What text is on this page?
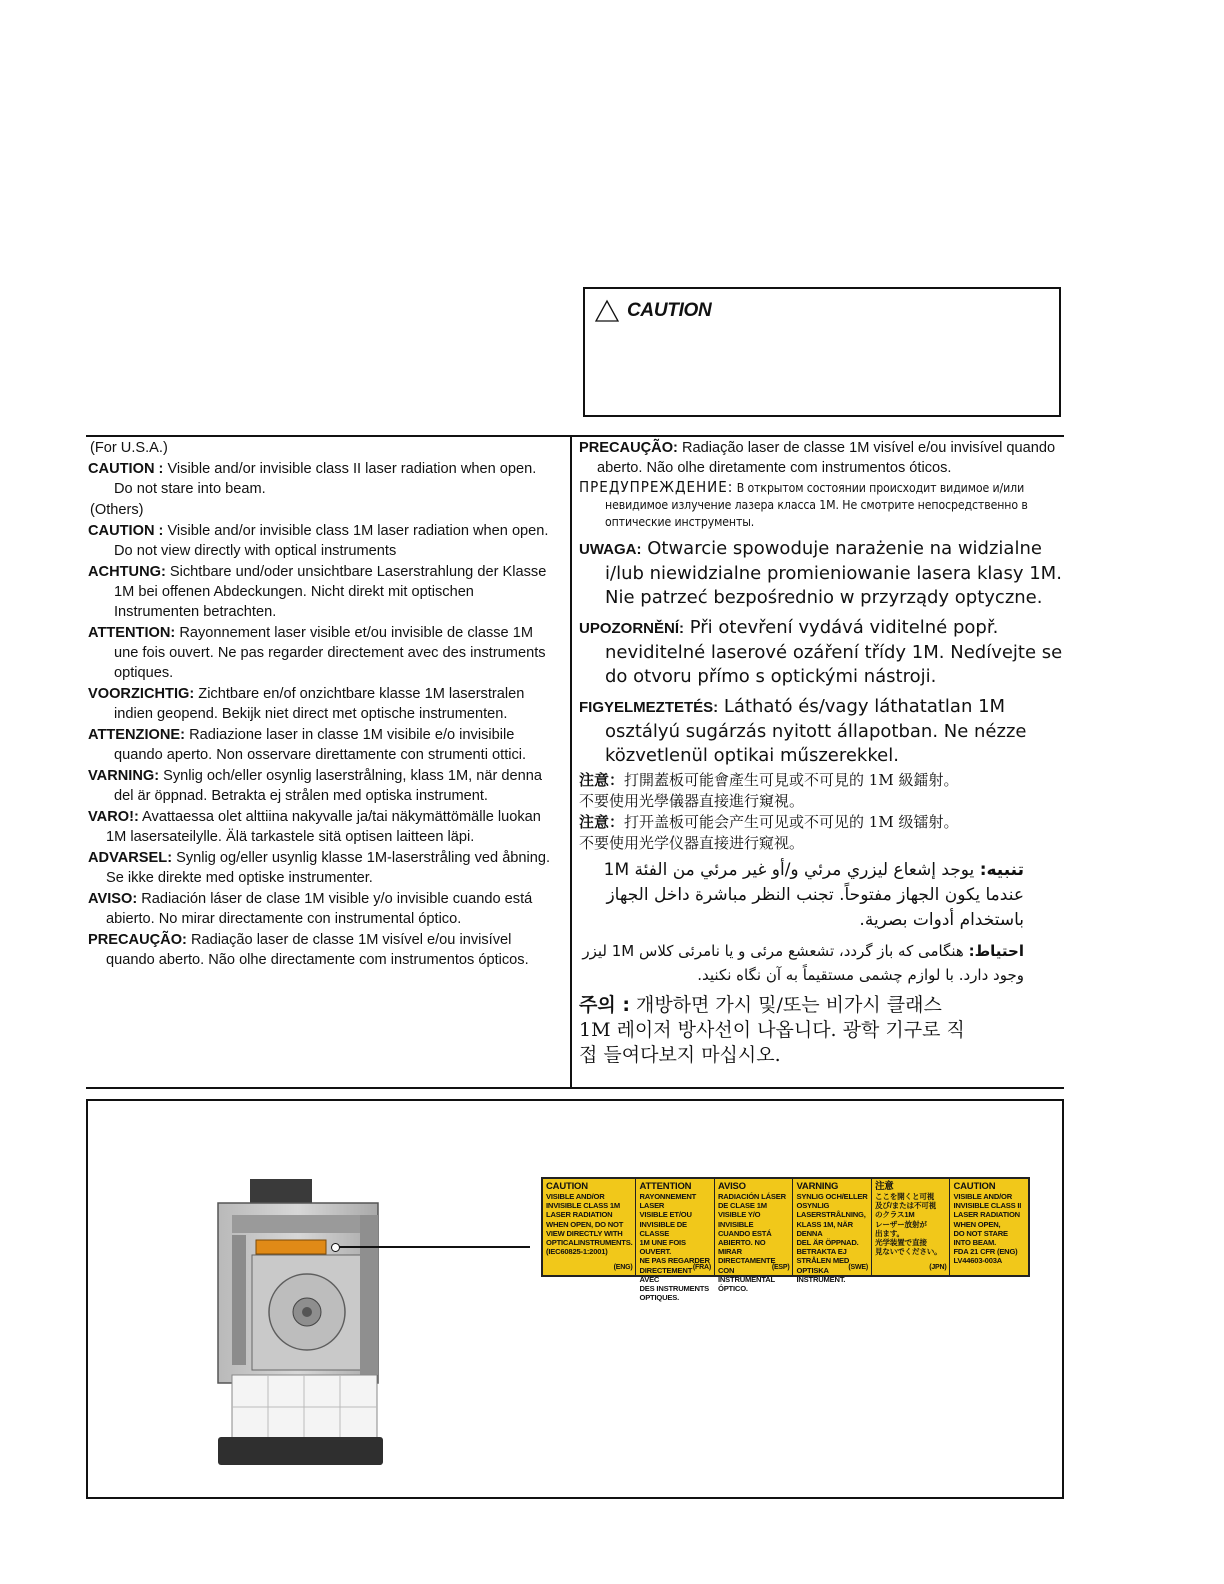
CAUTION
(For U.S.A.)
CAUTION : Visible and/or invisible class II laser radiation when open. Do not stare into beam.
(Others)
CAUTION : Visible and/or invisible class 1M laser radiation when open. Do not view directly with optical instruments
ACHTUNG: Sichtbare und/oder unsichtbare Laserstrahlung der Klasse 1M bei offenen Abdeckungen. Nicht direkt mit optischen Instrumenten betrachten.
ATTENTION: Rayonnement laser visible et/ou invisible de classe 1M une fois ouvert. Ne pas regarder directement avec des instruments optiques.
VOORZICHTIG: Zichtbare en/of onzichtbare klasse 1M laserstralen indien geopend. Bekijk niet direct met optische instrumenten.
ATTENZIONE: Radiazione laser in classe 1M visibile e/o invisibile quando aperto. Non osservare direttamente con strumenti ottici.
VARNING: Synlig och/eller osynlig laserstrålning, klass 1M, när denna del är öppnad. Betrakta ej strålen med optiska instrument.
VARO!: Avattaessa olet alttiina nakyvalle ja/tai näkymättömälle luokan 1M lasersateilylle. Älä tarkastele sitä optisen laitteen läpi.
ADVARSEL: Synlig og/eller usynlig klasse 1M-laserstråling ved åbning. Se ikke direkte med optiske instrumenter.
AVISO: Radiación láser de clase 1M visible y/o invisible cuando está abierto. No mirar directamente con instrumental óptico.
PRECAUÇÃO: Radiação laser de classe 1M visível e/ou invisível quando aberto. Não olhe directamente com instrumentos ópticos.
PRECAUÇÃO: Radiação laser de classe 1M visível e/ou invisível quando aberto. Não olhe diretamente com instrumentos óticos.
ПРЕДУПРЕЖДЕНИЕ: В открытом состоянии происходит видимое и/или невидимое излучение лазера класса 1М. Не смотрите непосредственно в оптические инструменты.
UWAGA: Otwarcie spowoduje narażenie na widzialne i/lub niewidzialne promieniowanie lasera klasy 1M. Nie patrzeć bezpośrednio w przyrządy optyczne.
UPOZORNĚNÍ: Při otevření vydává viditelné popř. neviditelné laserové ozáření třídy 1M. Nedívejte se do otvoru přímo s optickými nástroji.
FIGYELMEZTETÉS: Látható és/vagy láthatatlan 1M osztályú sugárzás nyitott állapotban. Ne nézze közvetlenül optikai műszerekkel.
注意：打開蓋板可能會產生可見或不可見的 1M 級鐳射。
不要使用光學儀器直接進行窺視。
注意：打开盖板可能会产生可见或不可见的 1M 级镭射。
不要使用光学仪器直接进行窥视。
تنبيه: يوجد إشعاع ليزري مرئي و/أو غير مرئي من الفئة 1M عندما يكون الجهاز مفتوحاً. تجنب النظر مباشرة داخل الجهاز باستخدام أدوات بصرية.
احتياط: هنگامی که باز گردد، تشعشع مرئی و یا نامرئی کلاس 1M لیزر وجود دارد. با لوازم چشمی مستقیماً به آن نگاه نکنید.
주의 : 개방하면 가시 및/또는 비가시 클래스 1M 레이저 방사선이 나옵니다. 광학 기구로 직접 들여다보지 마십시오.
CAUTION
VISIBLE AND/OR
INVISIBLE CLASS 1M
LASER RADIATION
WHEN OPEN, DO NOT
VIEW DIRECTLY WITH
OPTICALINSTRUMENTS.
(IEC60825-1:2001)
(ENG)
ATTENTION
RAYONNEMENT LASER
VISIBLE ET/OU
INVISIBLE DE CLASSE
1M UNE FOIS OUVERT.
NE PAS REGARDER
DIRECTEMENT AVEC
DES INSTRUMENTS
OPTIQUES.
(FRA)
AVISO
RADIACIÓN LÁSER
DE CLASE 1M
VISIBLE Y/O INVISIBLE
CUANDO ESTÁ
ABIERTO. NO MIRAR
DIRECTAMENTE
CON INSTRUMENTAL
ÓPTICO.
(ESP)
VARNING
SYNLIG OCH/ELLER
OSYNLIG
LASERSTRÅLNING,
KLASS 1M, NÄR DENNA
DEL ÄR ÖPPNAD.
BETRAKTA EJ
STRÅLEN MED OPTISKA
INSTRUMENT.
(SWE)
注意
ここを開くと可視
及び/または不可視
のクラス1M
レーザー放射が
出ます。
光学装置で直接
見ないでください。
(JPN)
CAUTION
VISIBLE AND/OR
INVISIBLE CLASS II
LASER RADIATION
WHEN OPEN,
DO NOT STARE
INTO BEAM.
FDA 21 CFR (ENG)
LV44603-003A
